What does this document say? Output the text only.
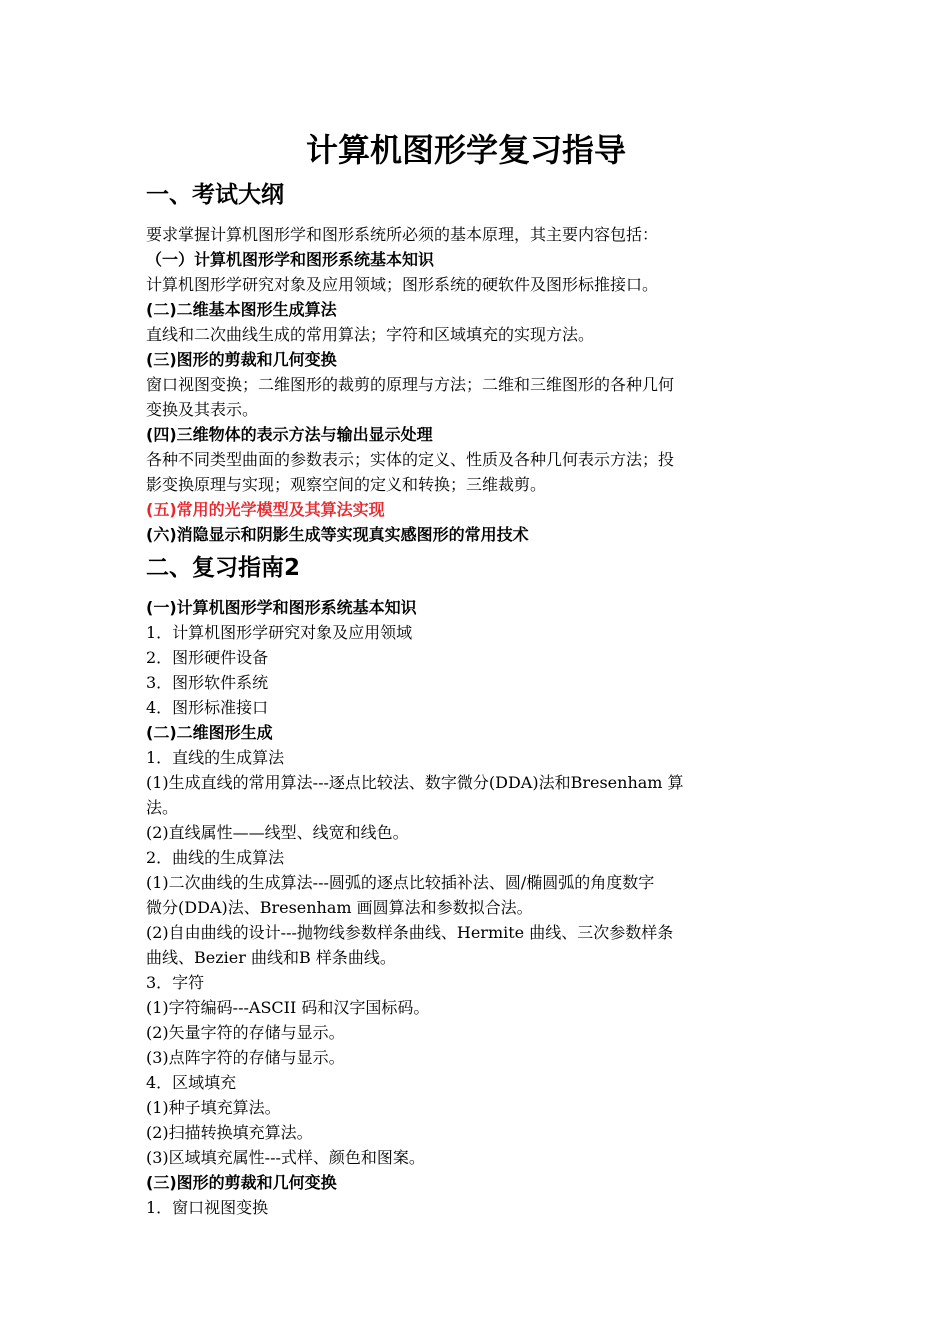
计算机图形学复习指导
一、考试大纲
要求掌握计算机图形学和图形系统所必须的基本原理，其主要内容包括：
（一）计算机图形学和图形系统基本知识
计算机图形学研究对象及应用领域；图形系统的硬软件及图形标推接口。
(二)二维基本图形生成算法
直线和二次曲线生成的常用算法；字符和区域填充的实现方法。
(三)图形的剪裁和几何变换
窗口视图变换；二维图形的裁剪的原理与方法；二维和三维图形的各种几何
变换及其表示。
(四)三维物体的表示方法与输出显示处理
各种不同类型曲面的参数表示；实体的定义、性质及各种几何表示方法；投
影变换原理与实现；观察空间的定义和转换；三维裁剪。
(五)常用的光学模型及其算法实现
(六)消隐显示和阴影生成等实现真实感图形的常用技术
二、复习指南2
(一)计算机图形学和图形系统基本知识
1．计算机图形学研究对象及应用领域
2．图形硬件设备
3．图形软件系统
4．图形标准接口
(二)二维图形生成
1．直线的生成算法
(1)生成直线的常用算法---逐点比较法、数字微分(DDA)法和Bresenham 算
法。
(2)直线属性——线型、线宽和线色。
2．曲线的生成算法
(1)二次曲线的生成算法---圆弧的逐点比较插补法、圆/椭圆弧的角度数字
微分(DDA)法、Bresenham 画圆算法和参数拟合法。
(2)自由曲线的设计---抛物线参数样条曲线、Hermite 曲线、三次参数样条
曲线、Bezier 曲线和B 样条曲线。
3．字符
(1)字符编码---ASCII 码和汉字国标码。
(2)矢量字符的存储与显示。
(3)点阵字符的存储与显示。
4．区域填充
(1)种子填充算法。
(2)扫描转换填充算法。
(3)区域填充属性---式样、颜色和图案。
(三)图形的剪裁和几何变换
1．窗口视图变换
